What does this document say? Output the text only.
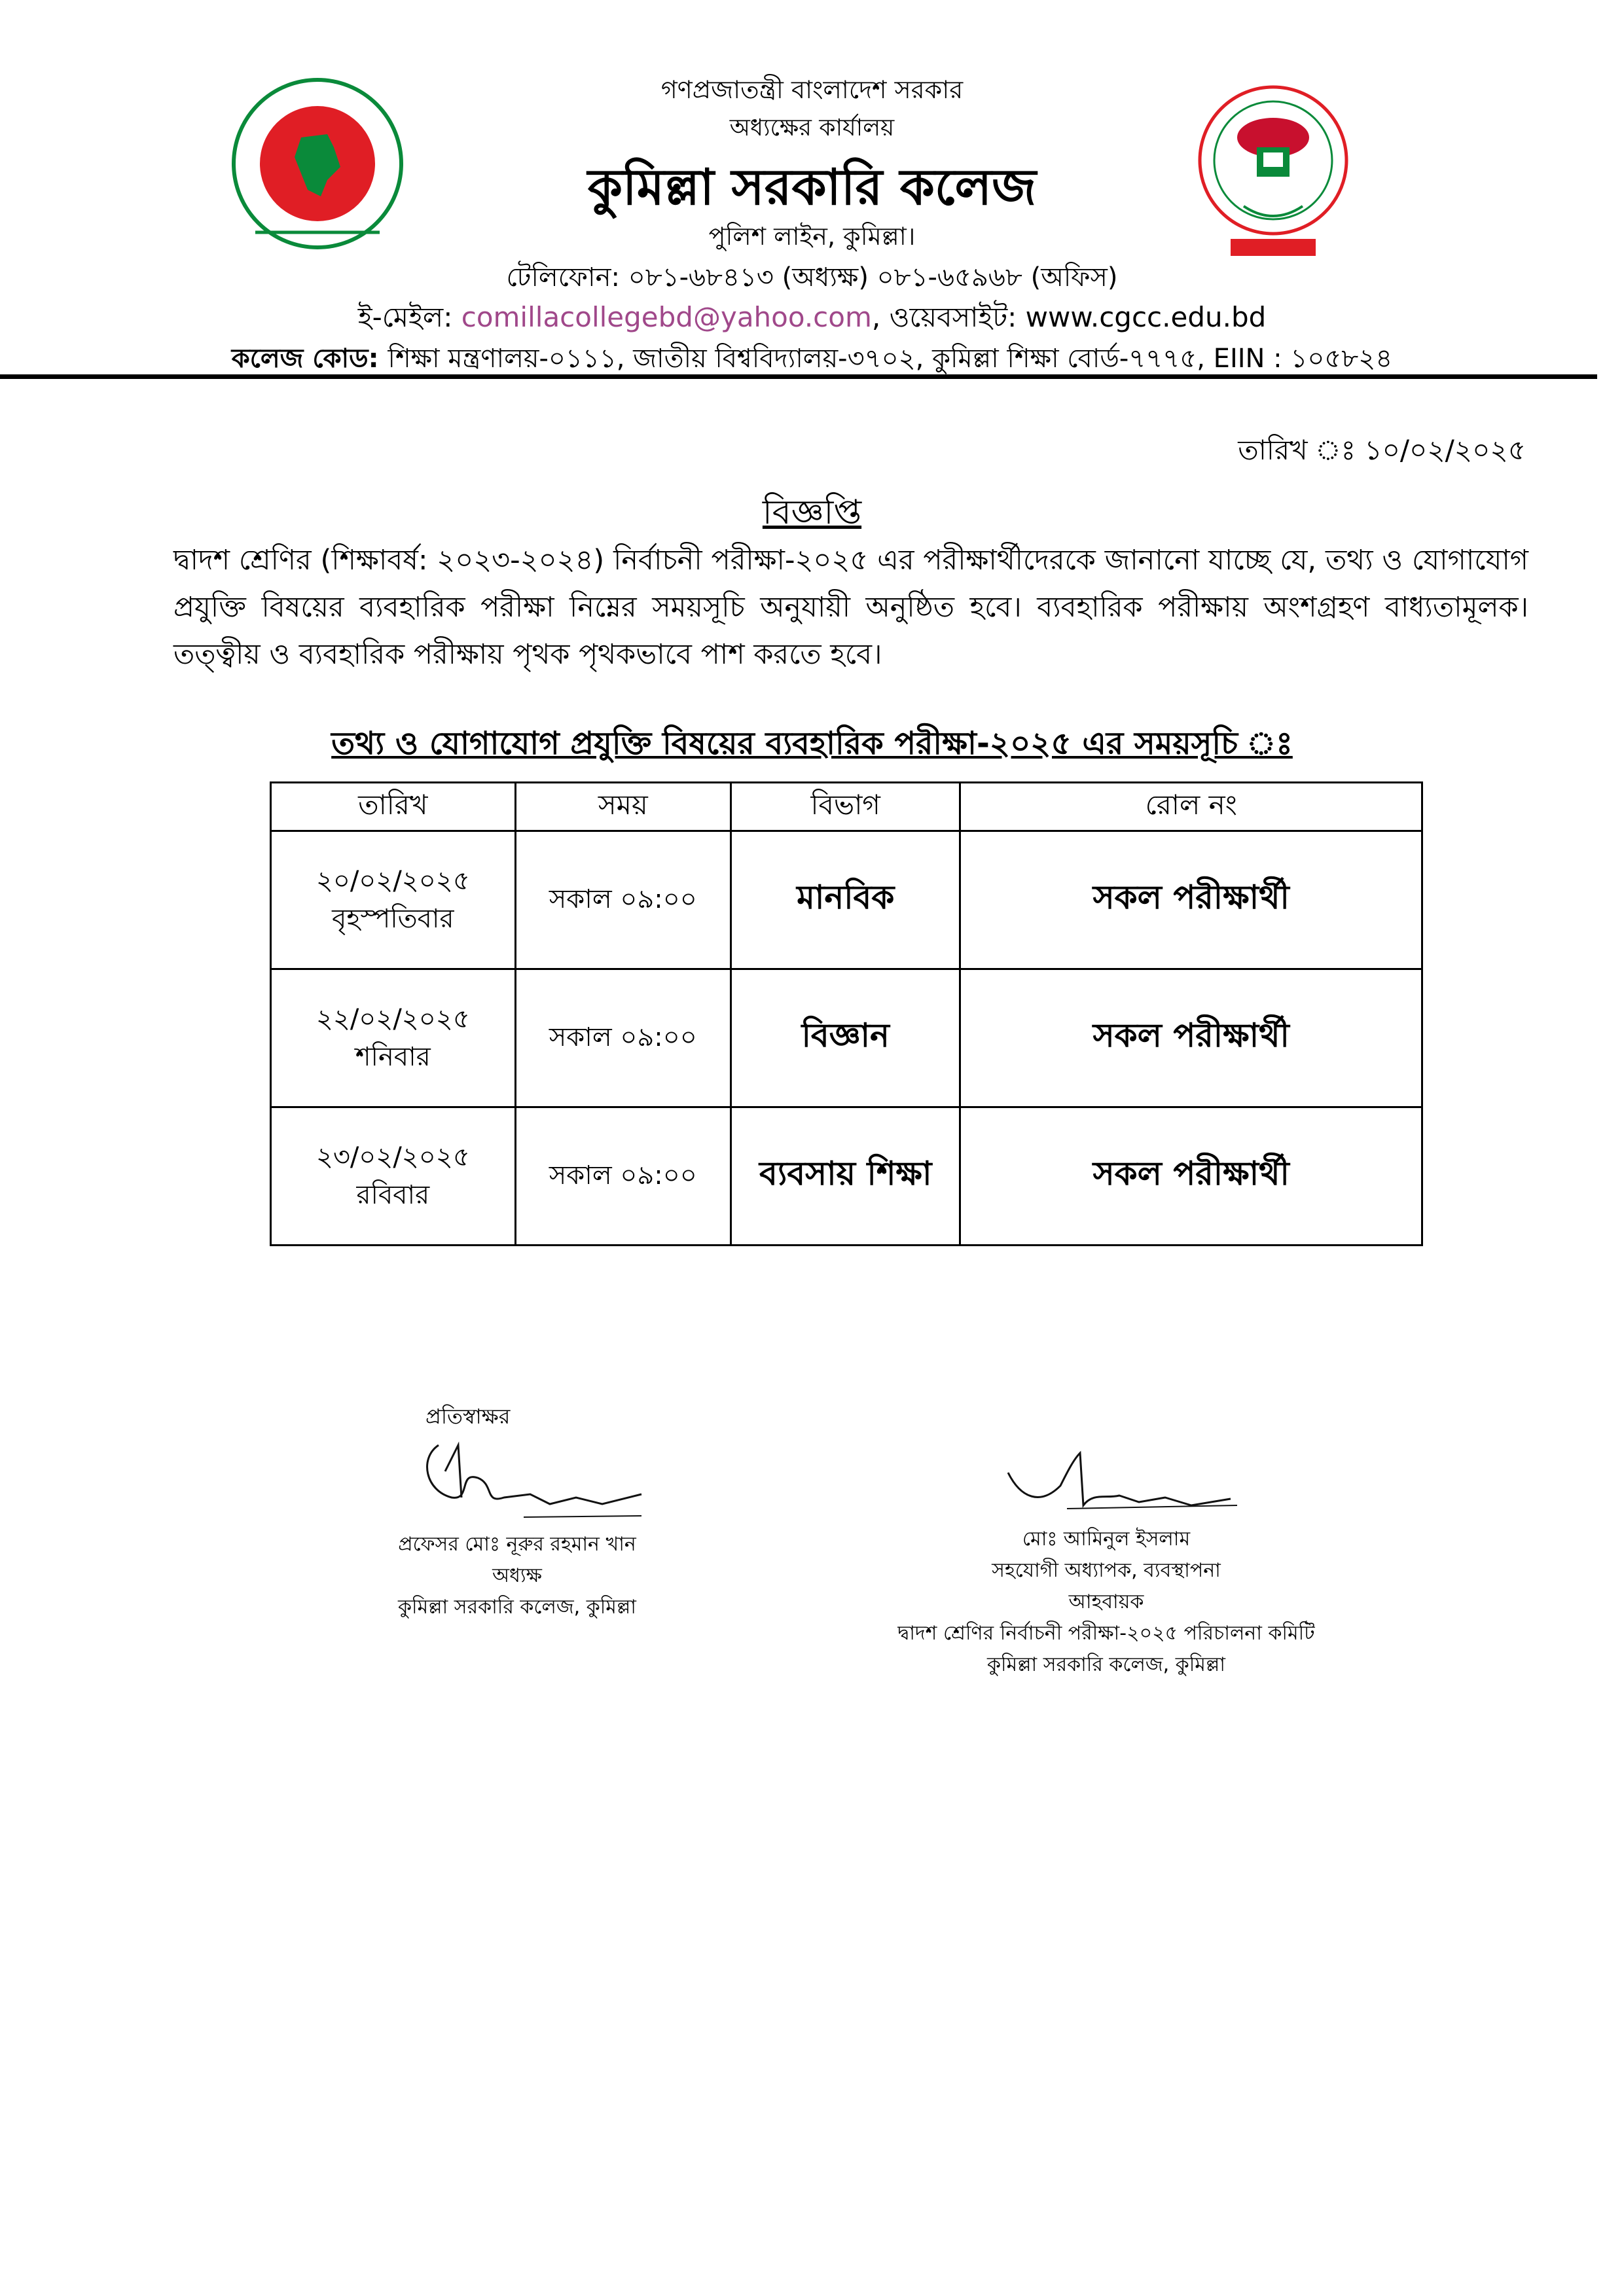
গণপ্রজাতন্ত্রী বাংলাদেশ সরকার
অধ্যক্ষের কার্যালয়
কুমিল্লা সরকারি কলেজ
পুলিশ লাইন, কুমিল্লা।
টেলিফোন: ০৮১-৬৮৪১৩ (অধ্যক্ষ) ০৮১-৬৫৯৬৮ (অফিস)
ই-মেইল: comillacollegebd@yahoo.com, ওয়েবসাইট: www.cgcc.edu.bd
কলেজ কোড: শিক্ষা মন্ত্রণালয়-০১১১, জাতীয় বিশ্ববিদ্যালয়-৩৭০২, কুমিল্লা শিক্ষা বোর্ড-৭৭৭৫, EIIN : ১০৫৮২৪
তারিখ ঃ ১০/০২/২০২৫
বিজ্ঞপ্তি
দ্বাদশ শ্রেণির (শিক্ষাবর্ষ: ২০২৩-২০২৪) নির্বাচনী পরীক্ষা-২০২৫ এর পরীক্ষার্থীদেরকে জানানো যাচ্ছে যে, তথ্য ও যোগাযোগ প্রযুক্তি বিষয়ের ব্যবহারিক পরীক্ষা নিম্নের সময়সূচি অনুযায়ী অনুষ্ঠিত হবে। ব্যবহারিক পরীক্ষায় অংশগ্রহণ বাধ্যতামূলক। তত্ত্বীয় ও ব্যবহারিক পরীক্ষায় পৃথক পৃথকভাবে পাশ করতে হবে।
তথ্য ও যোগাযোগ প্রযুক্তি বিষয়ের ব্যবহারিক পরীক্ষা-২০২৫ এর সময়সূচি ঃ
তারিখ	সময়	বিভাগ	রোল নং

২০/০২/২০২৫
বৃহস্পতিবার	সকাল ০৯:০০	মানবিক	সকল পরীক্ষার্থী

২২/০২/২০২৫
শনিবার	সকাল ০৯:০০	বিজ্ঞান	সকল পরীক্ষার্থী

২৩/০২/২০২৫
রবিবার	সকাল ০৯:০০	ব্যবসায় শিক্ষা	সকল পরীক্ষার্থী
প্রতিস্বাক্ষর
প্রফেসর মোঃ নূরুর রহমান খান
অধ্যক্ষ
কুমিল্লা সরকারি কলেজ, কুমিল্লা
মোঃ আমিনুল ইসলাম
সহযোগী অধ্যাপক, ব্যবস্থাপনা
আহবায়ক
দ্বাদশ শ্রেণির নির্বাচনী পরীক্ষা-২০২৫ পরিচালনা কমিটি
কুমিল্লা সরকারি কলেজ, কুমিল্লা
